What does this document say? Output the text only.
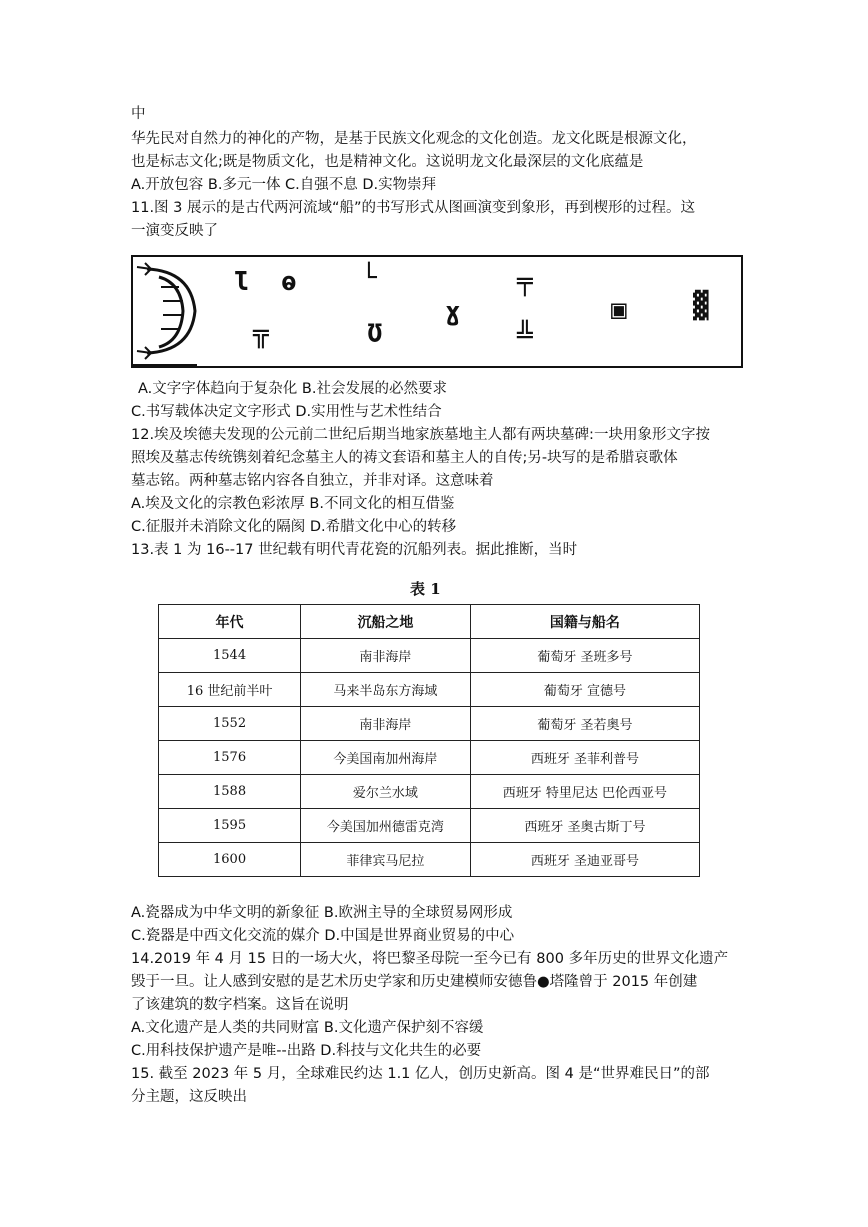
中
华先民对自然力的神化的产物，是基于民族文化观念的文化创造。龙文化既是根源文化，
也是标志文化;既是物质文化，也是精神文化。这说明龙文化最深层的文化底蕴是
A.开放包容 B.多元一体 C.自强不息 D.实物崇拜
11.图 3 展示的是古代两河流域“船”的书写形式从图画演变到象形，再到楔形的过程。这
一演变反映了
Ɩ ⱺ
╦
└
Ʊ
ɣ
╤
╩
▣	▓
A.文字字体趋向于复杂化 B.社会发展的必然要求
C.书写载体决定文字形式 D.实用性与艺术性结合
12.埃及埃德夫发现的公元前二世纪后期当地家族墓地主人都有两块墓碑:一块用象形文字按
照埃及墓志传统镌刻着纪念墓主人的祷文套语和墓主人的自传;另-块写的是希腊哀歌体
墓志铭。两种墓志铭内容各自独立，并非对译。这意味着
A.埃及文化的宗教色彩浓厚 B.不同文化的相互借鉴
C.征服并未消除文化的隔阂 D.希腊文化中心的转移
13.表 1 为 16--17 世纪载有明代青花瓷的沉船列表。据此推断，当时
表 1
年代	沉船之地	国籍与船名
1544	南非海岸	葡萄牙 圣班多号
16 世纪前半叶	马来半岛东方海域	葡萄牙 宣德号
1552	南非海岸	葡萄牙 圣若奥号
1576	今美国南加州海岸	西班牙 圣菲利普号
1588	爱尔兰水域	西班牙 特里尼达 巴伦西亚号
1595	今美国加州德雷克湾	西班牙 圣奥古斯丁号
1600	菲律宾马尼拉	西班牙 圣迪亚哥号
A.瓷器成为中华文明的新象征 B.欧洲主导的全球贸易网形成
C.瓷器是中西文化交流的媒介 D.中国是世界商业贸易的中心
14.2019 年 4 月 15 日的一场大火，将巴黎圣母院一至今已有 800 多年历史的世界文化遗产
毁于一旦。让人感到安慰的是艺术历史学家和历史建模师安德鲁●塔隆曾于 2015 年创建
了该建筑的数字档案。这旨在说明
A.文化遗产是人类的共同财富 B.文化遗产保护刻不容缓
C.用科技保护遗产是唯--出路 D.科技与文化共生的必要
15. 截至 2023 年 5 月，全球难民约达 1.1 亿人，创历史新高。图 4 是“世界难民日”的部
分主题，这反映出
